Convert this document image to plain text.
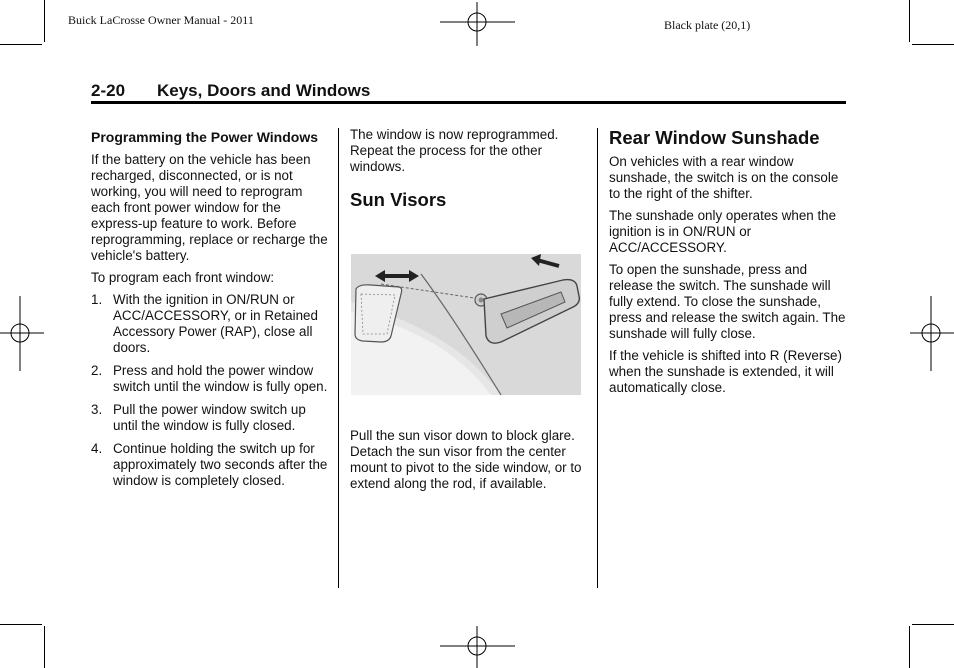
Buick LaCrosse Owner Manual - 2011	Black plate (20,1)
2-20 Keys, Doors and Windows
Programming the Power Windows

If the battery on the vehicle has been recharged, disconnected, or is not working, you will need to reprogram each front power window for the express-up feature to work. Before reprogramming, replace or recharge the vehicle's battery.

To program each front window:

1. With the ignition in ON/RUN or ACC/ACCESSORY, or in Retained Accessory Power (RAP), close all doors.
2. Press and hold the power window switch until the window is fully open.
3. Pull the power window switch up until the window is fully closed.
4. Continue holding the switch up for approximately two seconds after the window is completely closed.

The window is now reprogrammed. Repeat the process for the other windows.

Sun Visors

Pull the sun visor down to block glare. Detach the sun visor from the center mount to pivot to the side window, or to extend along the rod, if available.

Rear Window Sunshade

On vehicles with a rear window sunshade, the switch is on the console to the right of the shifter.

The sunshade only operates when the ignition is in ON/RUN or ACC/ACCESSORY.

To open the sunshade, press and release the switch. The sunshade will fully extend. To close the sunshade, press and release the switch again. The sunshade will fully close.

If the vehicle is shifted into R (Reverse) when the sunshade is extended, it will automatically close.
